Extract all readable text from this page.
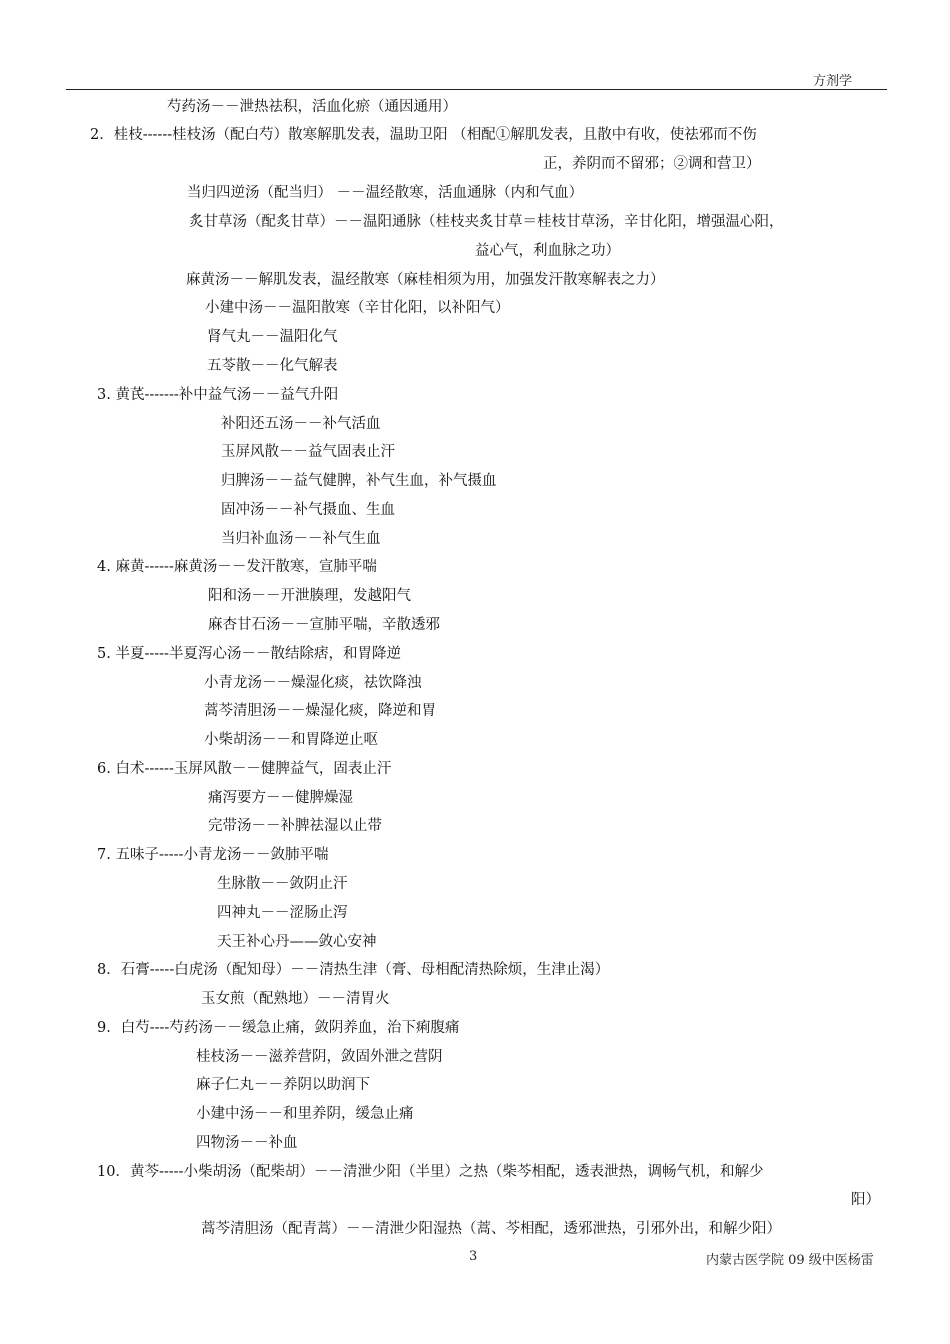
方剂学
芍药汤－－泄热祛积，活血化瘀（通因通用）
2．桂枝------桂枝汤（配白芍）散寒解肌发表，温助卫阳 （相配①解肌发表，且散中有收，使祛邪而不伤
正，养阴而不留邪；②调和营卫）
当归四逆汤（配当归） －－温经散寒，活血通脉（内和气血）
炙甘草汤（配炙甘草）－－温阳通脉（桂枝夹炙甘草＝桂枝甘草汤，辛甘化阳，增强温心阳，
益心气，利血脉之功）
麻黄汤－－解肌发表，温经散寒（麻桂相须为用，加强发汗散寒解表之力）
小建中汤－－温阳散寒（辛甘化阳，以补阳气）
肾气丸－－温阳化气
五苓散－－化气解表
3. 黄芪-------补中益气汤－－益气升阳
补阳还五汤－－补气活血
玉屏风散－－益气固表止汗
归脾汤－－益气健脾，补气生血，补气摄血
固冲汤－－补气摄血、生血
当归补血汤－－补气生血
4. 麻黄------麻黄汤－－发汗散寒，宣肺平喘
阳和汤－－开泄腠理，发越阳气
麻杏甘石汤－－宣肺平喘，辛散透邪
5. 半夏-----半夏泻心汤－－散结除痞，和胃降逆
小青龙汤－－燥湿化痰，祛饮降浊
蒿芩清胆汤－－燥湿化痰，降逆和胃
小柴胡汤－－和胃降逆止呕
6. 白术------玉屏风散－－健脾益气，固表止汗
痛泻要方－－健脾燥湿
完带汤－－补脾祛湿以止带
7. 五味子-----小青龙汤－－敛肺平喘
生脉散－－敛阴止汗
四神丸－－涩肠止泻
天王补心丹——敛心安神
8．石膏-----白虎汤（配知母）－－清热生津（膏、母相配清热除烦，生津止渴）
玉女煎（配熟地）－－清胃火
9．白芍----芍药汤－－缓急止痛，敛阴养血，治下痢腹痛
桂枝汤－－滋养营阴，敛固外泄之营阴
麻子仁丸－－养阴以助润下
小建中汤－－和里养阴，缓急止痛
四物汤－－补血
10．黄芩-----小柴胡汤（配柴胡）－－清泄少阳（半里）之热（柴芩相配，透表泄热，调畅气机，和解少
阳）
蒿芩清胆汤（配青蒿）－－清泄少阳湿热（蒿、芩相配，透邪泄热，引邪外出，和解少阳）
3	内蒙古医学院 09 级中医杨雷
